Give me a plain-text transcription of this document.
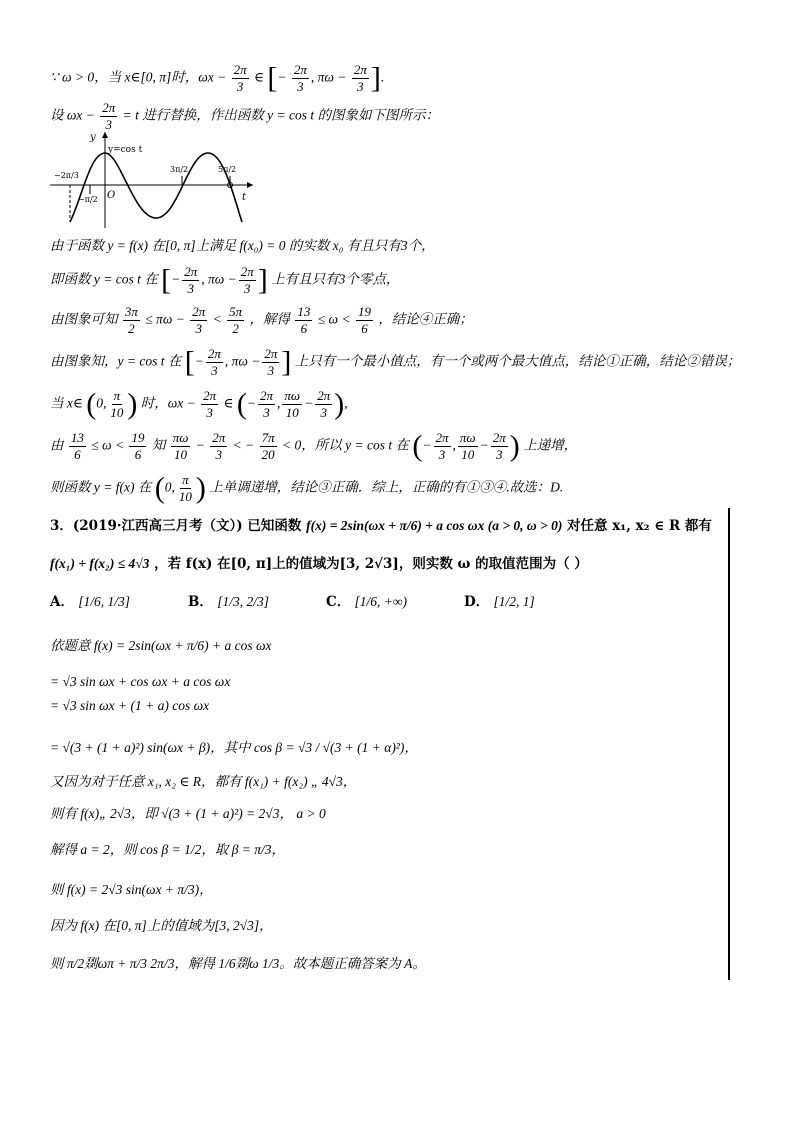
∵ ω > 0，当 x∈[0, π]时，$\omega x - \frac{2\pi}{3}$ ∈ [− $\frac{2\pi}{3}$ , $\pi\omega - \frac{2\pi}{3}$ ].
设 $\omega x - \frac{2\pi}{3} = t$ 进行替换，作出函数 y = cos t 的图象如下图所示：
y
y=cos t
t
O
−2π/3
−π/2
3π/2	5π/2
由于函数 y = f(x) 在[0, π]上满足 f(x₀) = 0 的实数 x₀ 有且只有3个，
即函数 y = cos t 在 [− $\frac{2\pi}{3}$ , $\pi\omega - \frac{2\pi}{3}$ ] 上有且只有3个零点，
由图象可知 $\frac{3\pi}{2} \le \pi\omega - \frac{2\pi}{3} < \frac{5\pi}{2}$ ，解得 $\frac{13}{6} \le \omega < \frac{19}{6}$ ，结论④正确；
由图象知，y = cos t 在 [− $\frac{2\pi}{3}$ , $\pi\omega - \frac{2\pi}{3}$ ] 上只有一个最小值点，有一个或两个最大值点，结论①正确，结论②错误；
当 x∈ (0, $\frac{\pi}{10}$ ) 时，$\omega x - \frac{2\pi}{3}$ ∈ (− $\frac{2\pi}{3}$ , $\frac{\pi\omega}{10} - \frac{2\pi}{3}$ ),
由 $\frac{13}{6} \le \omega < \frac{19}{6}$ 知 $\frac{\pi\omega}{10} - \frac{2\pi}{3}$ < − $\frac{7\pi}{20} < 0$，所以 y = cos t 在 (− $\frac{2\pi}{3}$ , $\frac{\pi\omega}{10} - \frac{2\pi}{3}$ ) 上递增，
则函数 y = f(x) 在 (0, $\frac{\pi}{10}$ ) 上单调递增，结论③正确．综上，正确的有①③④.故选：D.
3．(2019·江西高三月考（文）) 已知函数 f(x) = 2sin(ωx + π/6) + a cos ωx (a > 0, ω > 0) 对任意 x₁, x₂ ∈ R 都有
f(x₁) + f(x₂) ≤ 4√3 ，若 f(x) 在[0, π]上的值域为[3, 2√3]，则实数 ω 的取值范围为（ ）
A． [1/6, 1/3]	B． [1/3, 2/3]	C． [1/6, +∞)	D． [1/2, 1]
依题意 f(x) = 2sin(ωx + π/6) + a cos ωx
= √3 sin ωx + cos ωx + a cos ωx
= √3 sin ωx + (1 + a) cos ωx
= √(3 + (1 + a)²) sin(ωx + β)，其中 cos β = √3 / √(3 + (1 + α)²)，
又因为对于任意 x₁, x₂ ∈ R，都有 f(x₁) + f(x₂) „ 4√3，
则有 f(x)„ 2√3，即 √(3 + (1 + a)²) = 2√3， a > 0
解得 a = 2，则 cos β = 1/2，取 β = π/3，
则 f(x) = 2√3 sin(ωx + π/3)，
因为 f(x) 在[0, π]上的值域为[3, 2√3]，
则 π/2剟ωπ + π/3 2π/3，解得 1/6剟ω 1/3。故本题正确答案为 A。
